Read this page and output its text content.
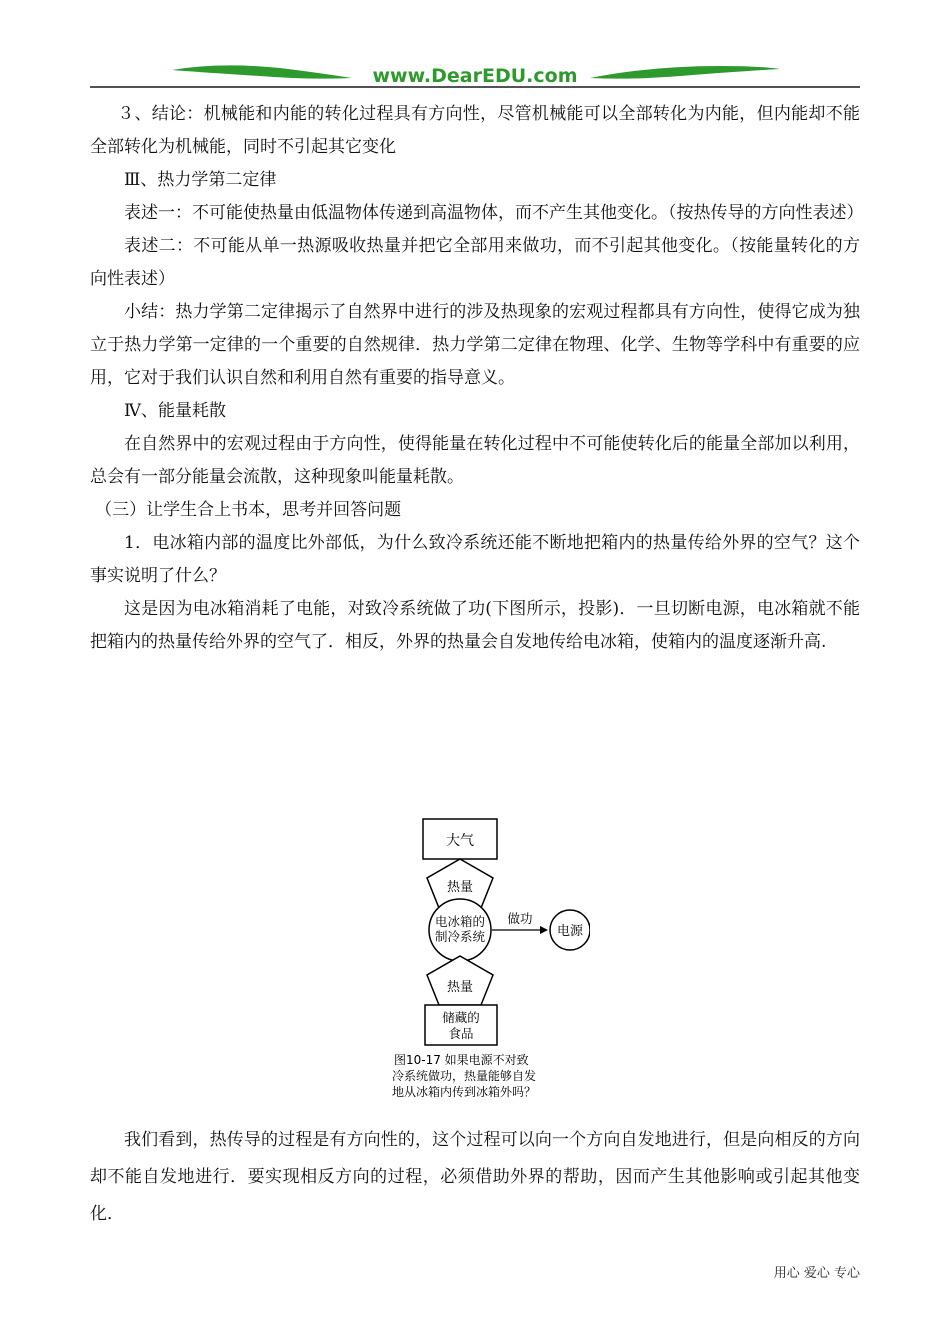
www.DearEDU.com

３、结论：机械能和内能的转化过程具有方向性，尽管机械能可以全部转化为内能，但内能却不能全部转化为机械能，同时不引起其它变化

Ⅲ、热力学第二定律

表述一：不可能使热量由低温物体传递到高温物体，而不产生其他变化。（按热传导的方向性表述）

表述二：不可能从单一热源吸收热量并把它全部用来做功，而不引起其他变化。（按能量转化的方向性表述）

小结：热力学第二定律揭示了自然界中进行的涉及热现象的宏观过程都具有方向性，使得它成为独立于热力学第一定律的一个重要的自然规律．热力学第二定律在物理、化学、生物等学科中有重要的应用，它对于我们认识自然和利用自然有重要的指导意义。

Ⅳ、能量耗散

在自然界中的宏观过程由于方向性，使得能量在转化过程中不可能使转化后的能量全部加以利用，总会有一部分能量会流散，这种现象叫能量耗散。

（三）让学生合上书本，思考并回答问题

1．电冰箱内部的温度比外部低，为什么致冷系统还能不断地把箱内的热量传给外界的空气？这个事实说明了什么？

这是因为电冰箱消耗了电能，对致冷系统做了功(下图所示，投影)．一旦切断电源，电冰箱就不能把箱内的热量传给外界的空气了．相反，外界的热量会自发地传给电冰箱，使箱内的温度逐渐升高.

大气
热量
电冰箱的
制冷系统
做功
电源
热量
储藏的
食品
图10-17 如果电源不对致
冷系统做功，热量能够自发
地从冰箱内传到冰箱外吗？

我们看到，热传导的过程是有方向性的，这个过程可以向一个方向自发地进行，但是向相反的方向却不能自发地进行．要实现相反方向的过程，必须借助外界的帮助，因而产生其他影响或引起其他变化．

用心 爱心 专心
